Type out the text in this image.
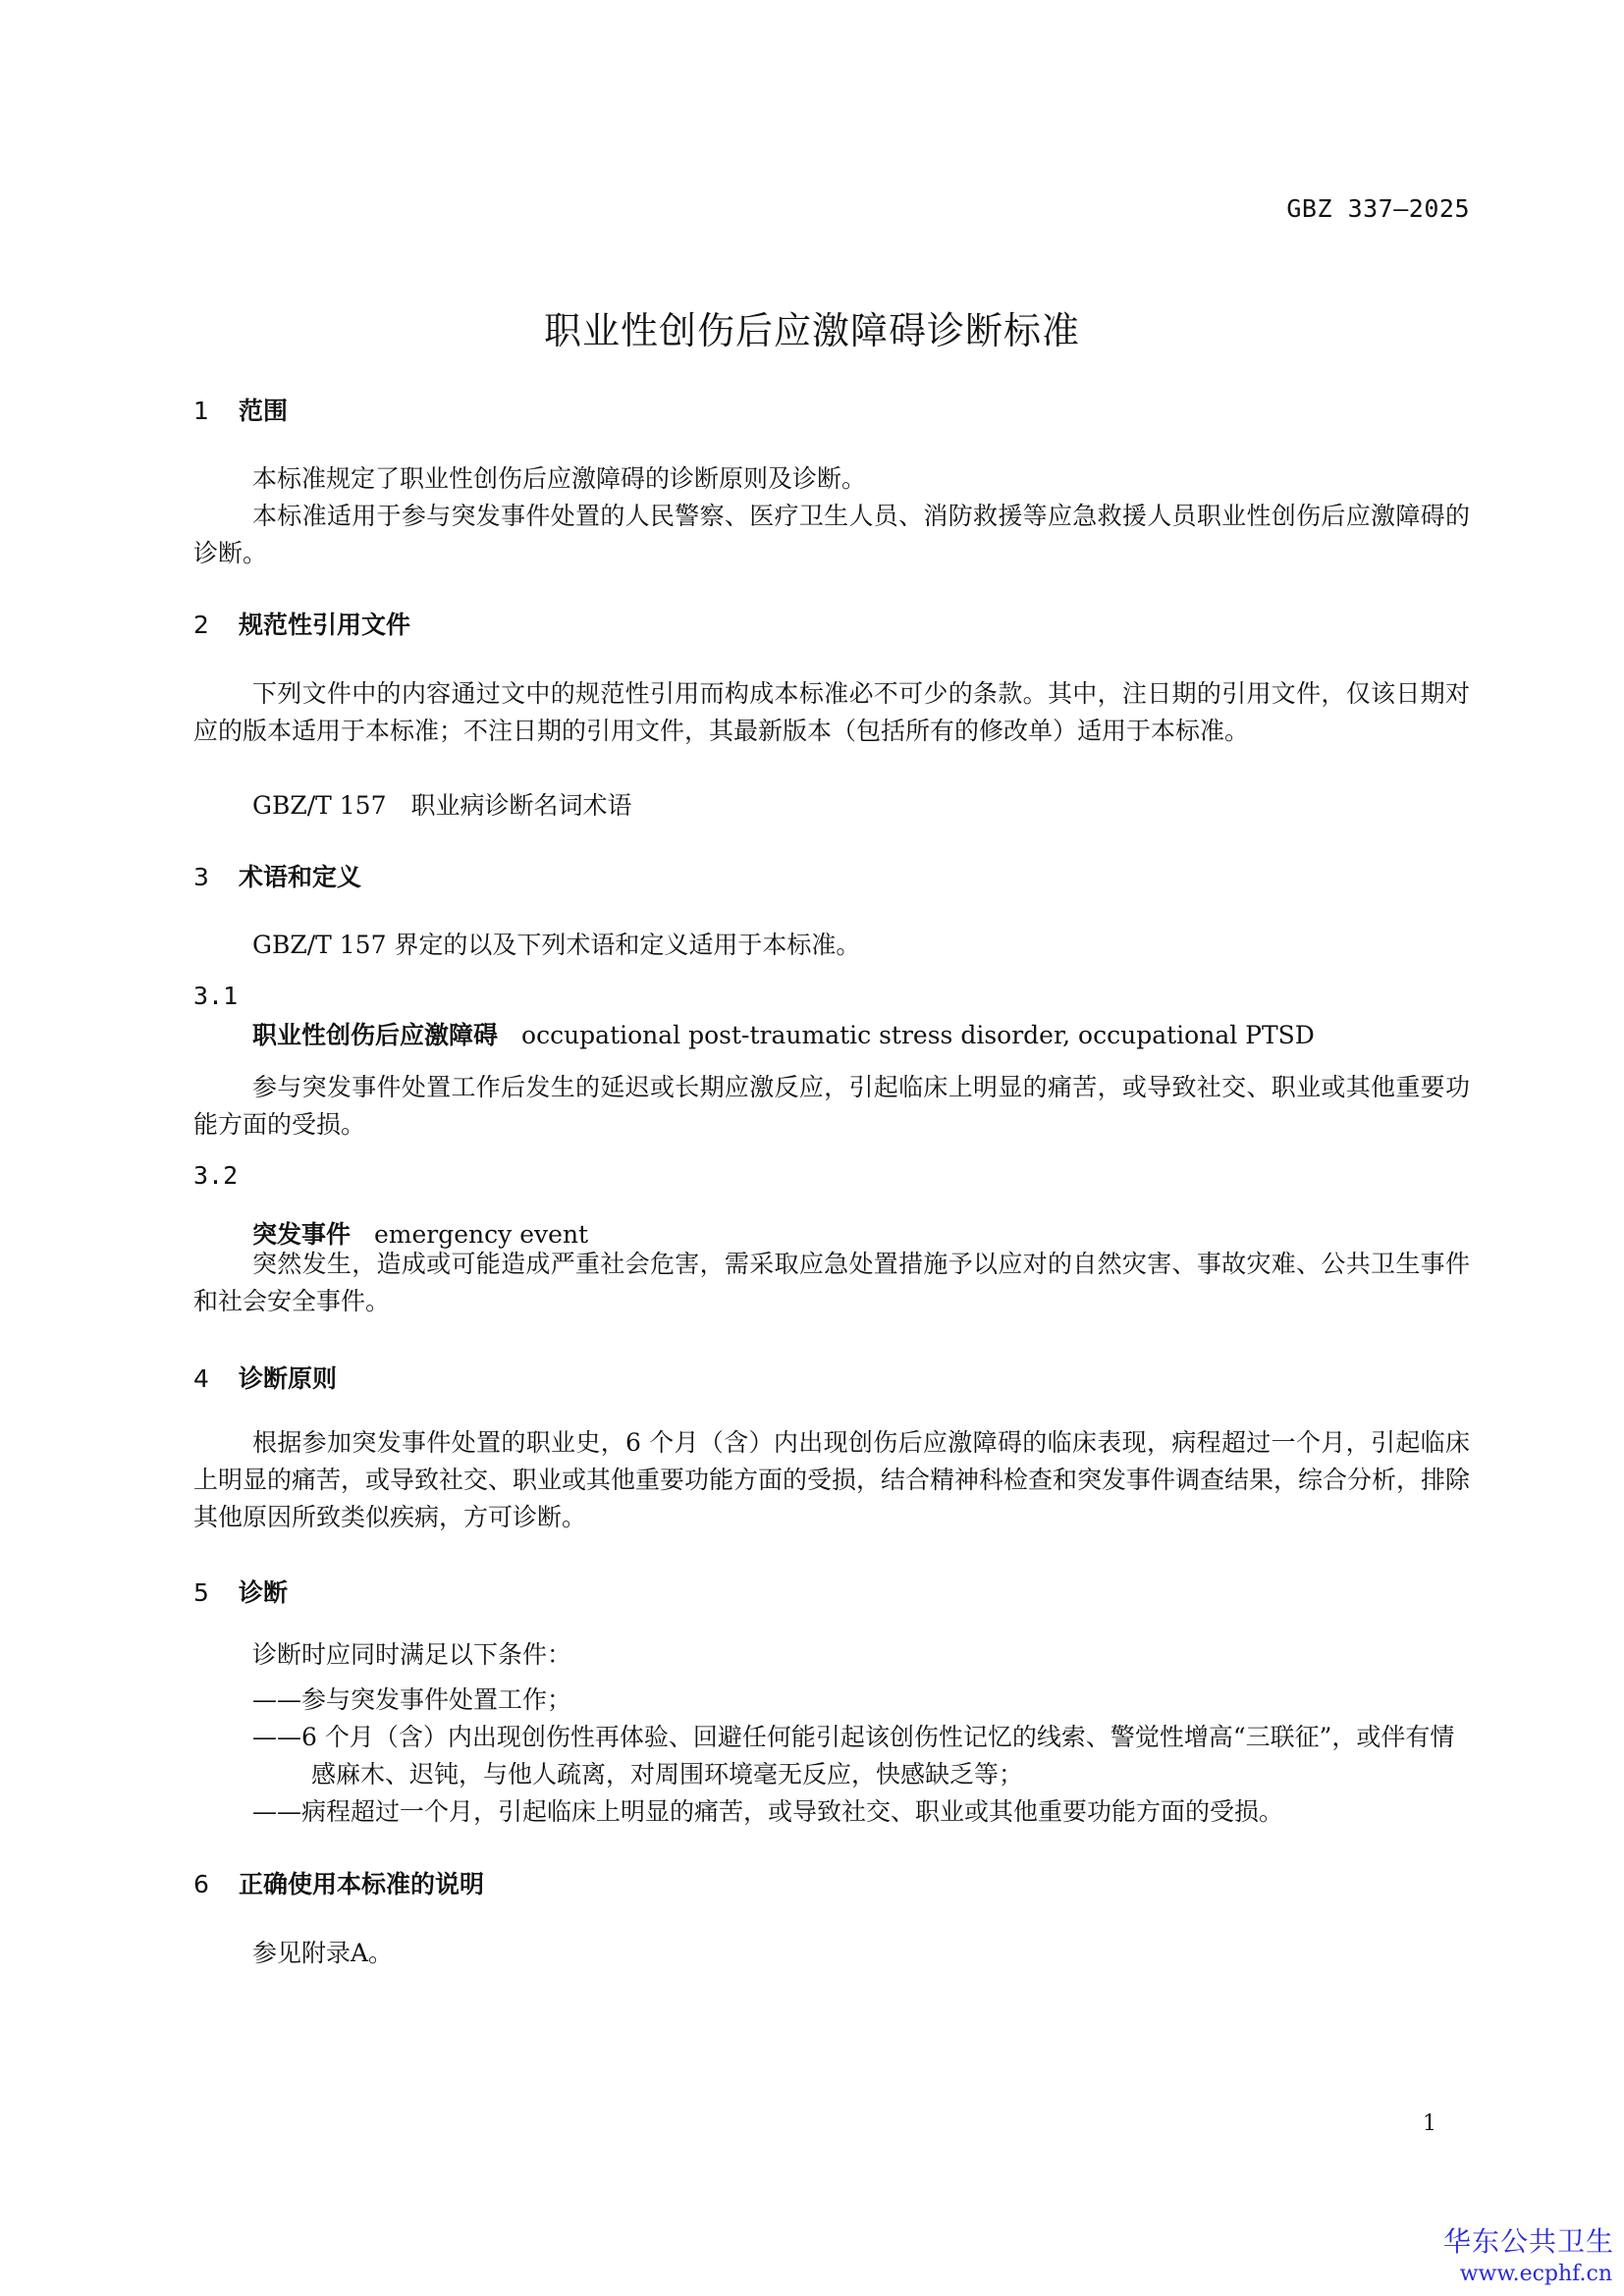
GBZ 337—2025
职业性创伤后应激障碍诊断标准
1 范围
本标准规定了职业性创伤后应激障碍的诊断原则及诊断。
本标准适用于参与突发事件处置的人民警察、医疗卫生人员、消防救援等应急救援人员职业性创伤后应激障碍的诊断。
2 规范性引用文件
下列文件中的内容通过文中的规范性引用而构成本标准必不可少的条款。其中，注日期的引用文件，仅该日期对应的版本适用于本标准；不注日期的引用文件，其最新版本（包括所有的修改单）适用于本标准。
GBZ/T 157　职业病诊断名词术语
3 术语和定义
GBZ/T 157 界定的以及下列术语和定义适用于本标准。
3.1
职业性创伤后应激障碍 occupational post-traumatic stress disorder, occupational PTSD
参与突发事件处置工作后发生的延迟或长期应激反应，引起临床上明显的痛苦，或导致社交、职业或其他重要功能方面的受损。
3.2
突发事件 emergency event
突然发生，造成或可能造成严重社会危害，需采取应急处置措施予以应对的自然灾害、事故灾难、公共卫生事件和社会安全事件。
4 诊断原则
根据参加突发事件处置的职业史，6 个月（含）内出现创伤后应激障碍的临床表现，病程超过一个月，引起临床上明显的痛苦，或导致社交、职业或其他重要功能方面的受损，结合精神科检查和突发事件调查结果，综合分析，排除其他原因所致类似疾病，方可诊断。
5 诊断
诊断时应同时满足以下条件：
——参与突发事件处置工作；
——6 个月（含）内出现创伤性再体验、回避任何能引起该创伤性记忆的线索、警觉性增高“三联征”，或伴有情感麻木、迟钝，与他人疏离，对周围环境毫无反应，快感缺乏等；
——病程超过一个月，引起临床上明显的痛苦，或导致社交、职业或其他重要功能方面的受损。
6 正确使用本标准的说明
参见附录A。
1
华东公共卫生
www.ecphf.cn
